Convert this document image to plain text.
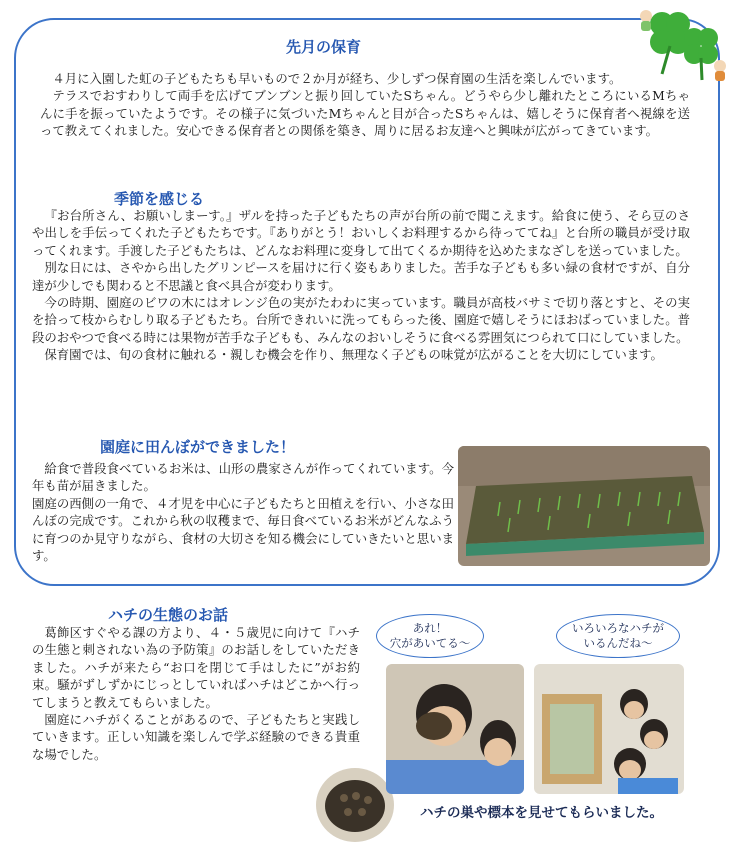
先月の保育

４月に入園した虹の子どもたちも早いもので２か月が経ち、少しずつ保育園の生活を楽しんでいます。

テラスでおすわりして両手を広げてブンブンと振り回していたSちゃん。どうやら少し離れたところにいるMちゃんに手を振っていたようです。その様子に気づいたMちゃんと目が合ったSちゃんは、嬉しそうに保育者へ視線を送って教えてくれました。安心できる保育者との関係を築き、周りに居るお友達へと興味が広がってきています。

季節を感じる

『お台所さん、お願いしまーす。』ザルを持った子どもたちの声が台所の前で聞こえます。給食に使う、そら豆のさや出しを手伝ってくれた子どもたちです。『ありがとう！おいしくお料理するから待っててね』と台所の職員が受け取ってくれます。手渡した子どもたちは、どんなお料理に変身して出てくるか期待を込めたまなざしを送っていました。

別な日には、さやから出したグリンピースを届けに行く姿もありました。苦手な子どもも多い緑の食材ですが、自分達が少しでも関わると不思議と食べ具合が変わります。

今の時期、園庭のビワの木にはオレンジ色の実がたわわに実っています。職員が高枝バサミで切り落とすと、その実を拾って枝からむしり取る子どもたち。台所できれいに洗ってもらった後、園庭で嬉しそうにほおばっていました。普段のおやつで食べる時には果物が苦手な子どもも、みんなのおいしそうに食べる雰囲気につられて口にしていました。

保育園では、旬の食材に触れる・親しむ機会を作り、無理なく子どもの味覚が広がることを大切にしています。

園庭に田んぼができました！

給食で普段食べているお米は、山形の農家さんが作ってくれています。今年も苗が届きました。

園庭の西側の一角で、４才児を中心に子どもたちと田植えを行い、小さな田んぼの完成です。これから秋の収穫まで、毎日食べているお米がどんなふうに育つのか見守りながら、食材の大切さを知る機会にしていきたいと思います。

ハチの生態のお話

葛飾区すぐやる課の方より、４・５歳児に向けて『ハチの生態と刺されない為の予防策』のお話しをしていただきました。ハチが来たら“お口を閉じて手はしたに”がお約束。騒がずしずかにじっとしていればハチはどこかへ行ってしまうと教えてもらいました。

園庭にハチがくることがあるので、子どもたちと実践していきます。正しい知識を楽しんで学ぶ経験のできる貴重な場でした。

あれ！
穴があいてる～
いろいろなハチが
いるんだね～
ハチの巣や標本を見せてもらいました。
